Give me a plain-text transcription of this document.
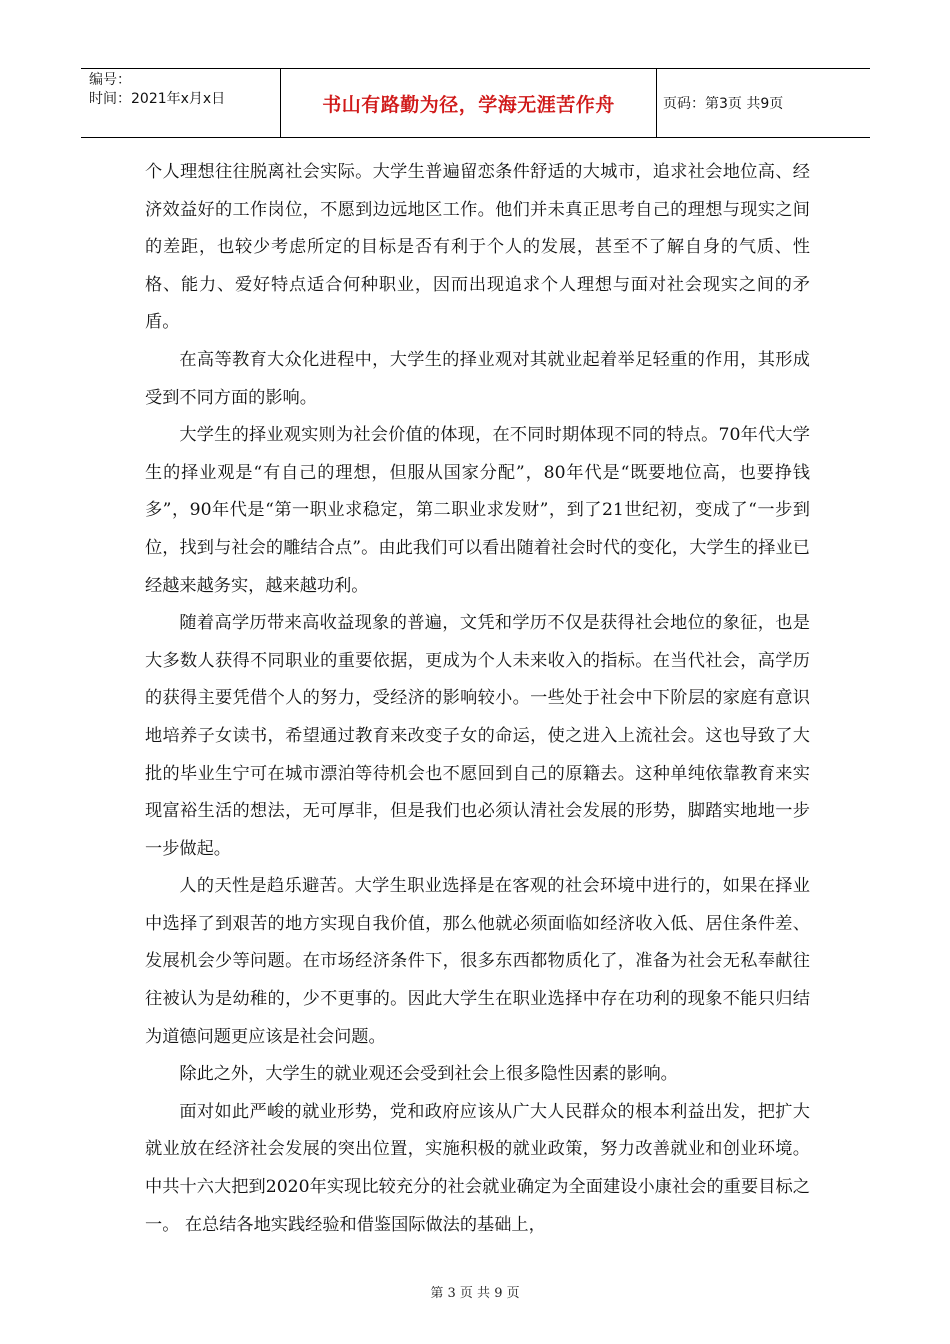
编号：
时间：2021年x月x日	书山有路勤为径，学海无涯苦作舟	页码：第3页 共9页

个人理想往往脱离社会实际。大学生普遍留恋条件舒适的大城市，追求社会地位高、经济效益好的工作岗位，不愿到边远地区工作。他们并未真正思考自己的理想与现实之间的差距，也较少考虑所定的目标是否有利于个人的发展，甚至不了解自身的气质、性格、能力、爱好特点适合何种职业，因而出现追求个人理想与面对社会现实之间的矛盾。

在高等教育大众化进程中，大学生的择业观对其就业起着举足轻重的作用，其形成受到不同方面的影响。

大学生的择业观实则为社会价值的体现，在不同时期体现不同的特点。70年代大学生的择业观是“有自己的理想，但服从国家分配”，80年代是“既要地位高，也要挣钱多”，90年代是“第一职业求稳定，第二职业求发财”，到了21世纪初，变成了“一步到位，找到与社会的雕结合点”。由此我们可以看出随着社会时代的变化，大学生的择业已经越来越务实，越来越功利。

随着高学历带来高收益现象的普遍，文凭和学历不仅是获得社会地位的象征，也是大多数人获得不同职业的重要依据，更成为个人未来收入的指标。在当代社会，高学历的获得主要凭借个人的努力，受经济的影响较小。一些处于社会中下阶层的家庭有意识地培养子女读书，希望通过教育来改变子女的命运，使之进入上流社会。这也导致了大批的毕业生宁可在城市漂泊等待机会也不愿回到自己的原籍去。这种单纯依靠教育来实现富裕生活的想法，无可厚非，但是我们也必须认清社会发展的形势，脚踏实地地一步一步做起。

人的天性是趋乐避苦。大学生职业选择是在客观的社会环境中进行的，如果在择业中选择了到艰苦的地方实现自我价值，那么他就必须面临如经济收入低、居住条件差、发展机会少等问题。在市场经济条件下，很多东西都物质化了，准备为社会无私奉献往往被认为是幼稚的，少不更事的。因此大学生在职业选择中存在功利的现象不能只归结为道德问题更应该是社会问题。

除此之外，大学生的就业观还会受到社会上很多隐性因素的影响。

面对如此严峻的就业形势，党和政府应该从广大人民群众的根本利益出发，把扩大就业放在经济社会发展的突出位置，实施积极的就业政策，努力改善就业和创业环境。中共十六大把到2020年实现比较充分的社会就业确定为全面建设小康社会的重要目标之一。 在总结各地实践经验和借鉴国际做法的基础上，

第 3 页 共 9 页
